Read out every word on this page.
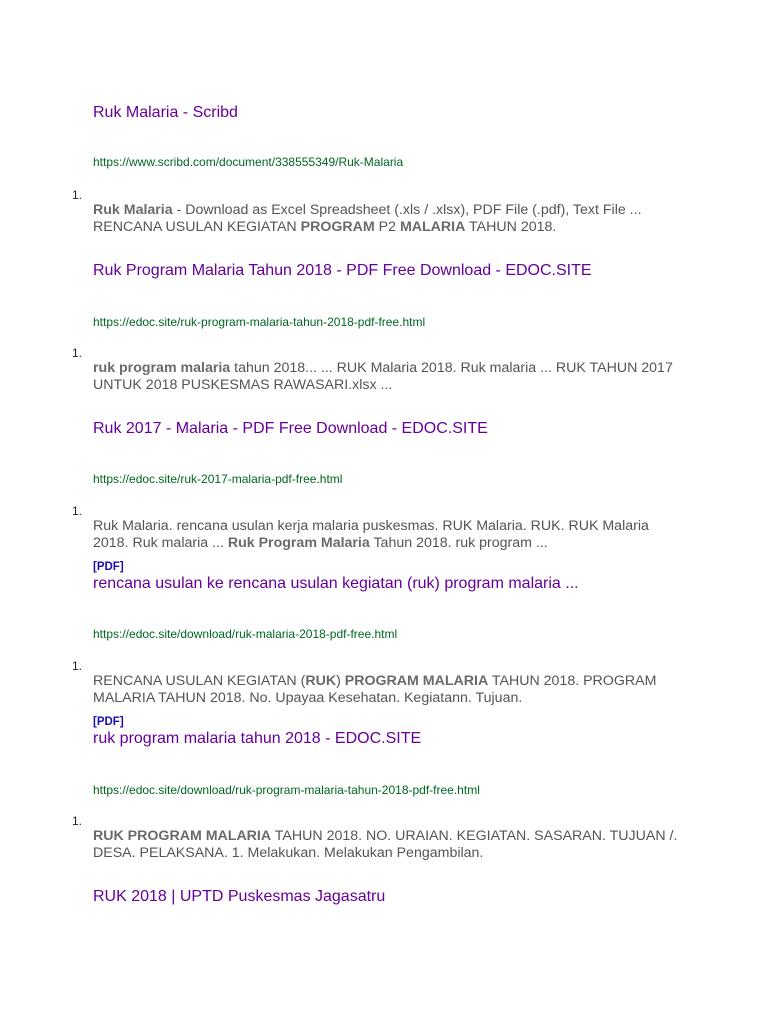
Ruk Malaria - Scribd
https://www.scribd.com/document/338555349/Ruk-Malaria
1.
Ruk Malaria - Download as Excel Spreadsheet (.xls / .xlsx), PDF File (.pdf), Text File ... RENCANA USULAN KEGIATAN PROGRAM P2 MALARIA TAHUN 2018.
Ruk Program Malaria Tahun 2018 - PDF Free Download - EDOC.SITE
https://edoc.site/ruk-program-malaria-tahun-2018-pdf-free.html
1.
ruk program malaria tahun 2018... ... RUK Malaria 2018. Ruk malaria ... RUK TAHUN 2017 UNTUK 2018 PUSKESMAS RAWASARI.xlsx ...
Ruk 2017 - Malaria - PDF Free Download - EDOC.SITE
https://edoc.site/ruk-2017-malaria-pdf-free.html
1.
Ruk Malaria. rencana usulan kerja malaria puskesmas. RUK Malaria. RUK. RUK Malaria 2018. Ruk malaria ... Ruk Program Malaria Tahun 2018. ruk program ...
[PDF]
rencana usulan ke rencana usulan kegiatan (ruk) program malaria ...
https://edoc.site/download/ruk-malaria-2018-pdf-free.html
1.
RENCANA USULAN KEGIATAN (RUK) PROGRAM MALARIA TAHUN 2018. PROGRAM MALARIA TAHUN 2018. No. Upayaa Kesehatan. Kegiatann. Tujuan.
[PDF]
ruk program malaria tahun 2018 - EDOC.SITE
https://edoc.site/download/ruk-program-malaria-tahun-2018-pdf-free.html
1.
RUK PROGRAM MALARIA TAHUN 2018. NO. URAIAN. KEGIATAN. SASARAN. TUJUAN /. DESA. PELAKSANA. 1. Melakukan. Melakukan Pengambilan.
RUK 2018 | UPTD Puskesmas Jagasatru
